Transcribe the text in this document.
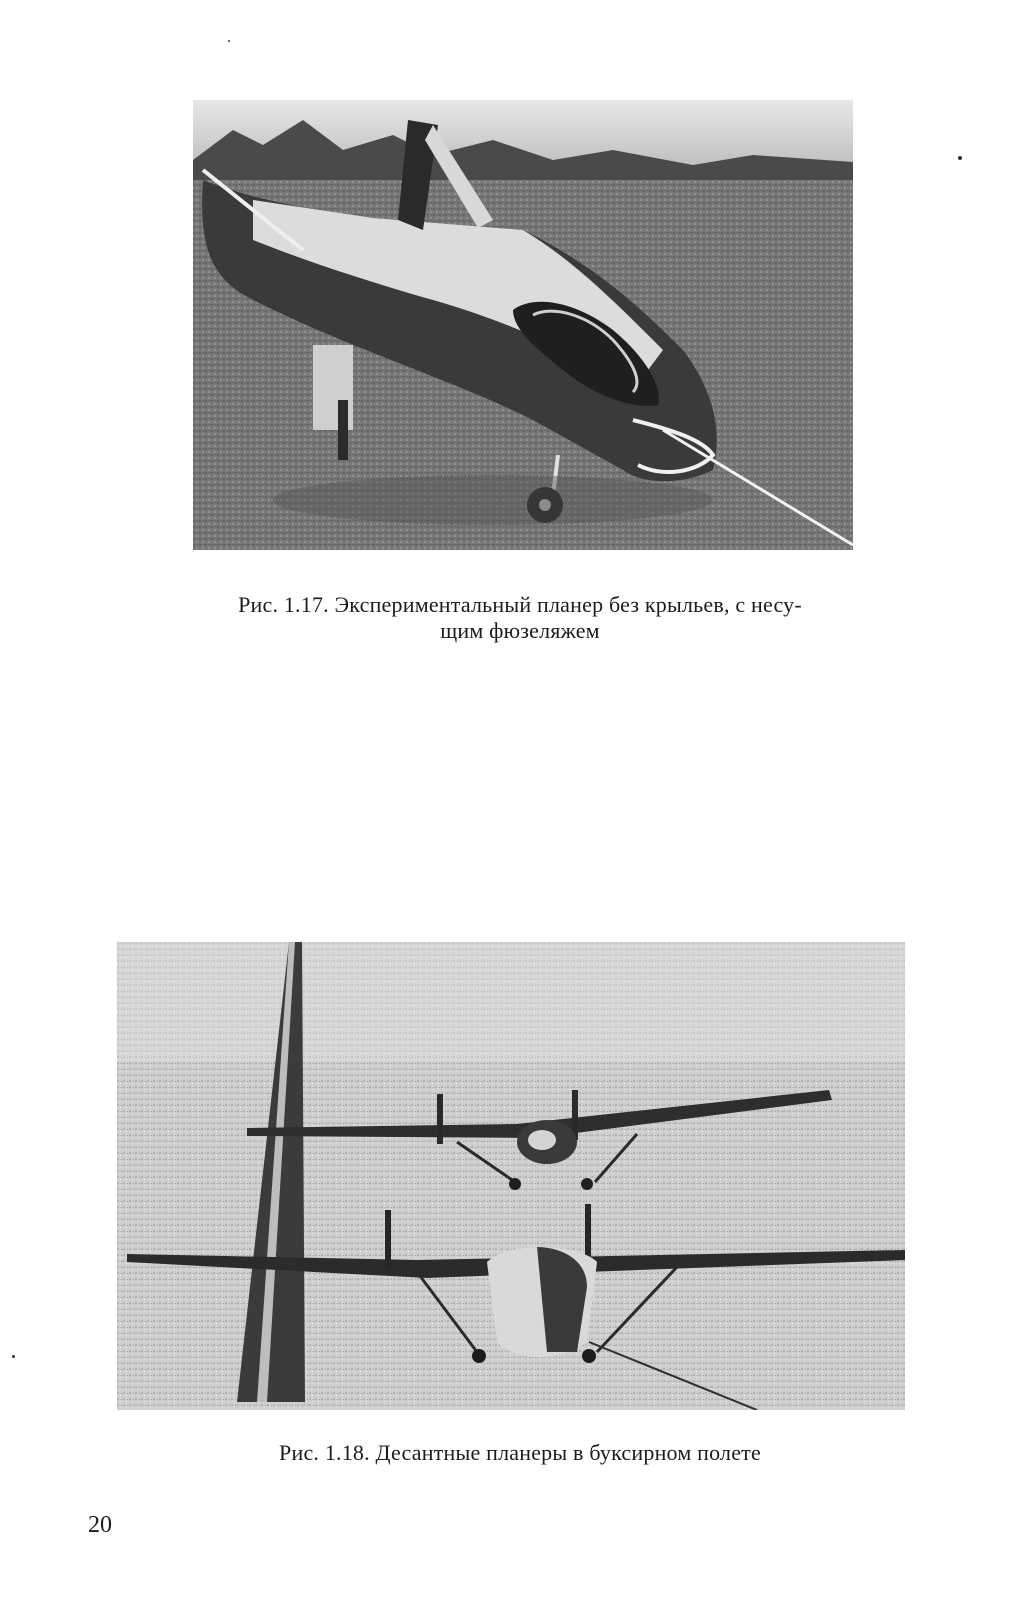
Рис. 1.17. Экспериментальный планер без крыльев, с несу-
щим фюзеляжем
Рис. 1.18. Десантные планеры в буксирном полете
20
